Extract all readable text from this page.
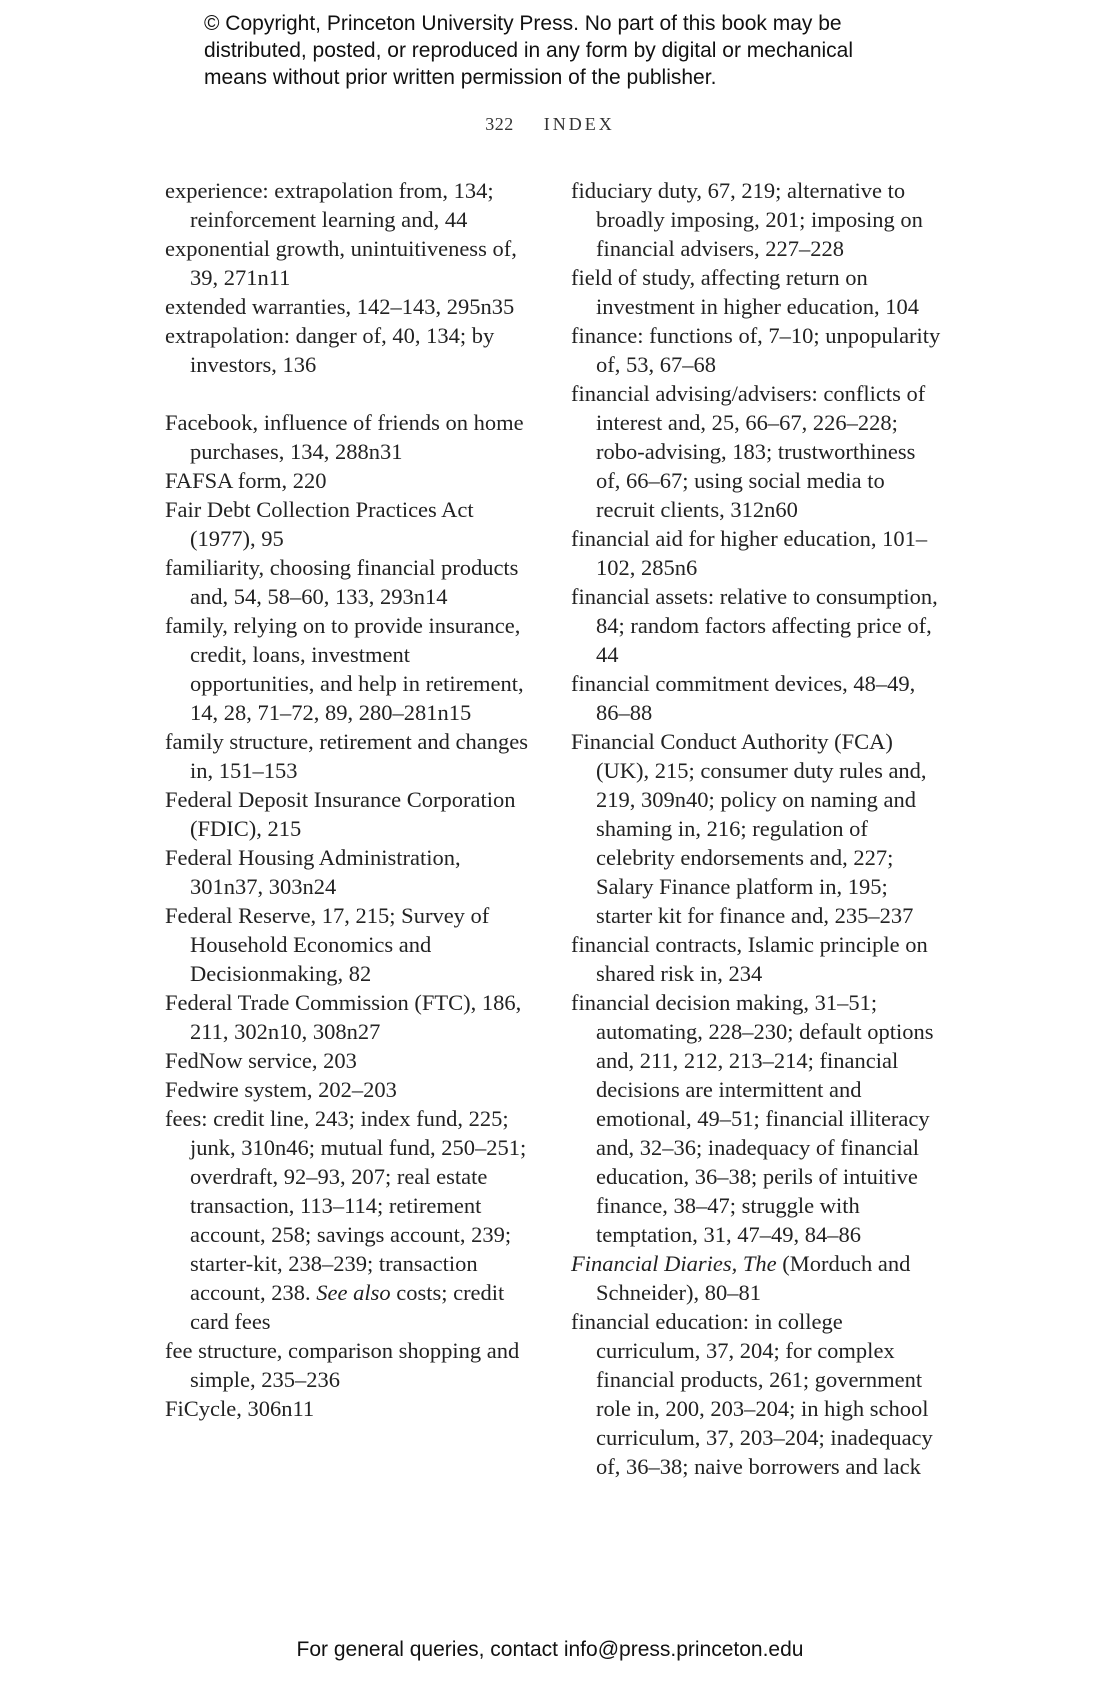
© Copyright, Princeton University Press. No part of this book may be
distributed, posted, or reproduced in any form by digital or mechanical
means without prior written permission of the publisher.
322 INDEX

experience: extrapolation from, 134; reinforcement learning and, 44

exponential growth, unintuitiveness of, 39, 271n11

extended warranties, 142–143, 295n35

extrapolation: danger of, 40, 134; by investors, 136

Facebook, influence of friends on home purchases, 134, 288n31

FAFSA form, 220

Fair Debt Collection Practices Act (1977), 95

familiarity, choosing financial products and, 54, 58–60, 133, 293n14

family, relying on to provide insurance, credit, loans, investment opportunities, and help in retirement, 14, 28, 71–72, 89, 280–281n15

family structure, retirement and changes in, 151–153

Federal Deposit Insurance Corporation (FDIC), 215

Federal Housing Administration, 301n37, 303n24

Federal Reserve, 17, 215; Survey of Household Economics and Decisionmaking, 82

Federal Trade Commission (FTC), 186, 211, 302n10, 308n27

FedNow service, 203

Fedwire system, 202–203

fees: credit line, 243; index fund, 225; junk, 310n46; mutual fund, 250–251; overdraft, 92–93, 207; real estate transaction, 113–114; retirement account, 258; savings account, 239; starter-kit, 238–239; transaction account, 238. See also costs; credit card fees

fee structure, comparison shopping and simple, 235–236

FiCycle, 306n11

fiduciary duty, 67, 219; alternative to broadly imposing, 201; imposing on financial advisers, 227–228

field of study, affecting return on investment in higher education, 104

finance: functions of, 7–10; unpopularity of, 53, 67–68

financial advising/advisers: conflicts of interest and, 25, 66–67, 226–228; robo-advising, 183; trustworthiness of, 66–67; using social media to recruit clients, 312n60

financial aid for higher education, 101–102, 285n6

financial assets: relative to consumption, 84; random factors affecting price of, 44

financial commitment devices, 48–49, 86–88

Financial Conduct Authority (FCA) (UK), 215; consumer duty rules and, 219, 309n40; policy on naming and shaming in, 216; regulation of celebrity endorsements and, 227; Salary Finance platform in, 195; starter kit for finance and, 235–237

financial contracts, Islamic principle on shared risk in, 234

financial decision making, 31–51; automating, 228–230; default options and, 211, 212, 213–214; financial decisions are intermittent and emotional, 49–51; financial illiteracy and, 32–36; inadequacy of financial education, 36–38; perils of intuitive finance, 38–47; struggle with temptation, 31, 47–49, 84–86

Financial Diaries, The (Morduch and Schneider), 80–81

financial education: in college curriculum, 37, 204; for complex financial products, 261; government role in, 200, 203–204; in high school curriculum, 37, 203–204; inadequacy of, 36–38; naive borrowers and lack

For general queries, contact info@press.princeton.edu
